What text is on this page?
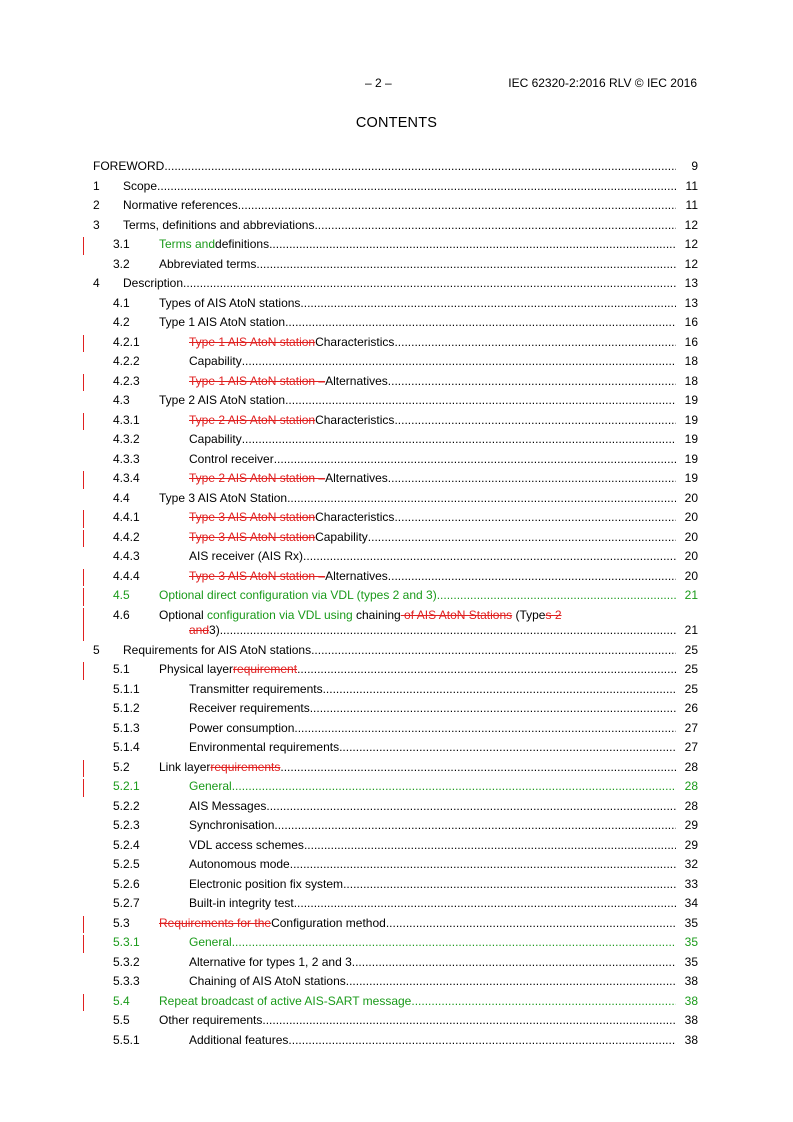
– 2 –	IEC 62320-2:2016 RLV © IEC 2016
CONTENTS
FOREWORD .....	9
1 Scope .....	11
2 Normative references .....	11
3 Terms, definitions and abbreviations .....	12
3.1 Terms and definitions .....	12
3.2 Abbreviated terms .....	12
4 Description .....	13
4.1 Types of AIS AtoN stations .....	13
4.2 Type 1 AIS AtoN station .....	16
4.2.1	Type 1 AIS AtoN station Characteristics .....	16
4.2.2	Capability .....	18
4.2.3	Type 1 AIS AtoN station – Alternatives .....	18
4.3 Type 2 AIS AtoN station .....	19
4.3.1	Type 2 AIS AtoN station Characteristics .....	19
4.3.2	Capability .....	19
4.3.3	Control receiver .....	19
4.3.4	Type 2 AIS AtoN station – Alternatives .....	19
4.4 Type 3 AIS AtoN Station .....	20
4.4.1	Type 3 AIS AtoN station Characteristics .....	20
4.4.2	Type 3 AIS AtoN station Capability .....	20
4.4.3	AIS receiver (AIS Rx) .....	20
4.4.4	Type 3 AIS AtoN station – Alternatives .....	20
4.5 Optional direct configuration via VDL (types 2 and 3) .....	21
4.6 Optional configuration via VDL using chaining of AIS AtoN Stations (Types 2
and 3) .....	21
5 Requirements for AIS AtoN stations .....	25
5.1 Physical layer requirement .....	25
5.1.1	Transmitter requirements .....	25
5.1.2	Receiver requirements .....	26
5.1.3	Power consumption .....	27
5.1.4	Environmental requirements .....	27
5.2 Link layer requirements .....	28
5.2.1	General .....	28
5.2.2	AIS Messages .....	28
5.2.3	Synchronisation .....	29
5.2.4	VDL access schemes .....	29
5.2.5	Autonomous mode .....	32
5.2.6	Electronic position fix system .....	33
5.2.7	Built-in integrity test .....	34
5.3 Requirements for the Configuration method .....	35
5.3.1	General .....	35
5.3.2	Alternative for types 1, 2 and 3 .....	35
5.3.3	Chaining of AIS AtoN stations .....	38
5.4 Repeat broadcast of active AIS-SART message .....	38
5.5 Other requirements .....	38
5.5.1	Additional features .....	38
